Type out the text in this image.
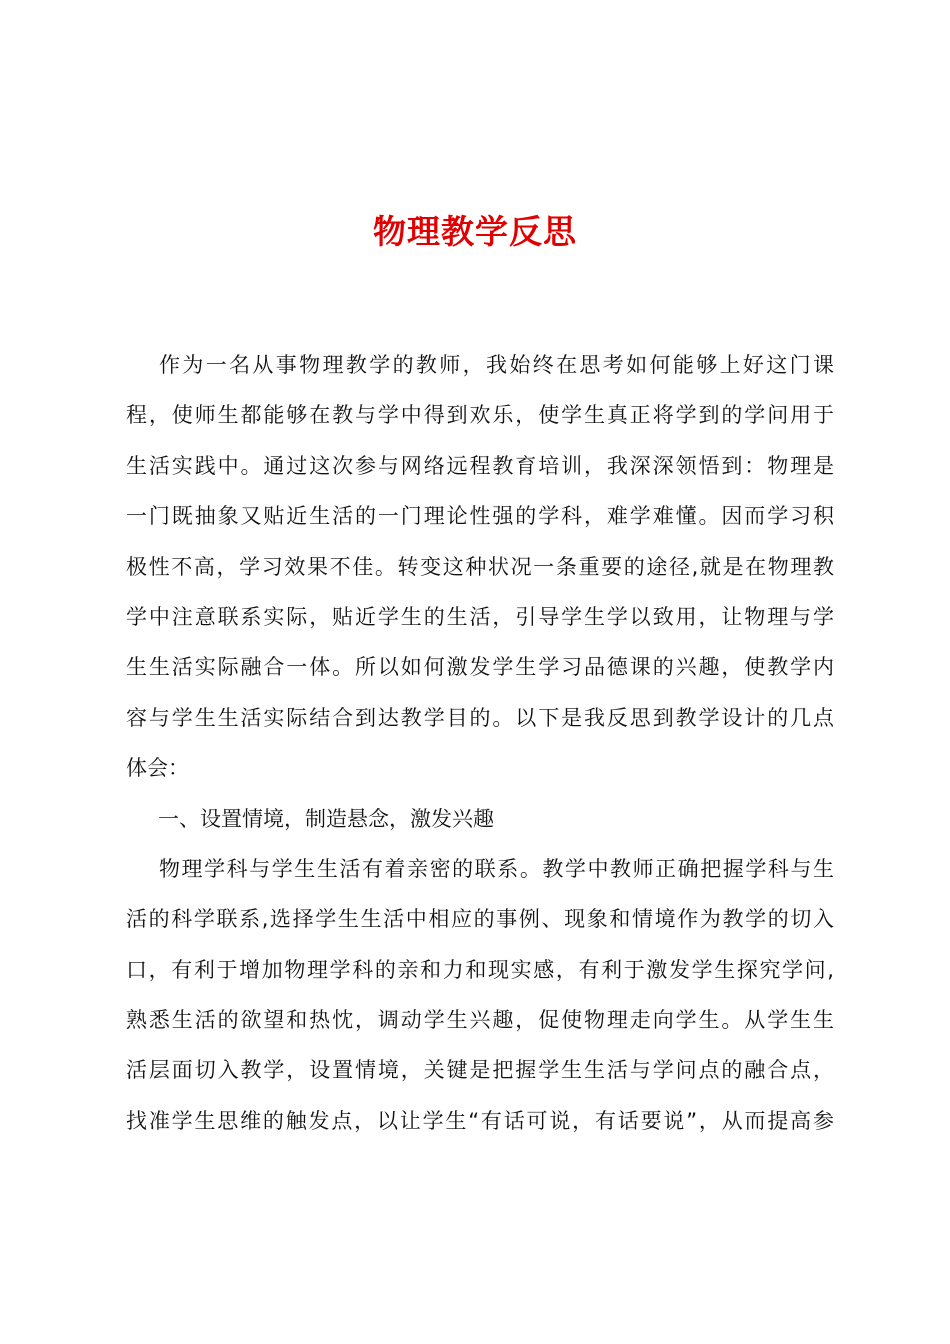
物理教学反思
作为一名从事物理教学的教师，我始终在思考如何能够上好这门课
程，使师生都能够在教与学中得到欢乐，使学生真正将学到的学问用于
生活实践中。通过这次参与网络远程教育培训，我深深领悟到：物理是
一门既抽象又贴近生活的一门理论性强的学科，难学难懂。因而学习积
极性不高，学习效果不佳。转变这种状况一条重要的途径,就是在物理教
学中注意联系实际，贴近学生的生活，引导学生学以致用，让物理与学
生生活实际融合一体。所以如何激发学生学习品德课的兴趣，使教学内
容与学生生活实际结合到达教学目的。以下是我反思到教学设计的几点
体会：
一、设置情境，制造悬念，激发兴趣
物理学科与学生生活有着亲密的联系。教学中教师正确把握学科与生
活的科学联系,选择学生生活中相应的事例、现象和情境作为教学的切入
口，有利于增加物理学科的亲和力和现实感，有利于激发学生探究学问,
熟悉生活的欲望和热忱，调动学生兴趣，促使物理走向学生。从学生生
活层面切入教学，设置情境，关键是把握学生生活与学问点的融合点，
找准学生思维的触发点，以让学生“有话可说，有话要说”，从而提高参
